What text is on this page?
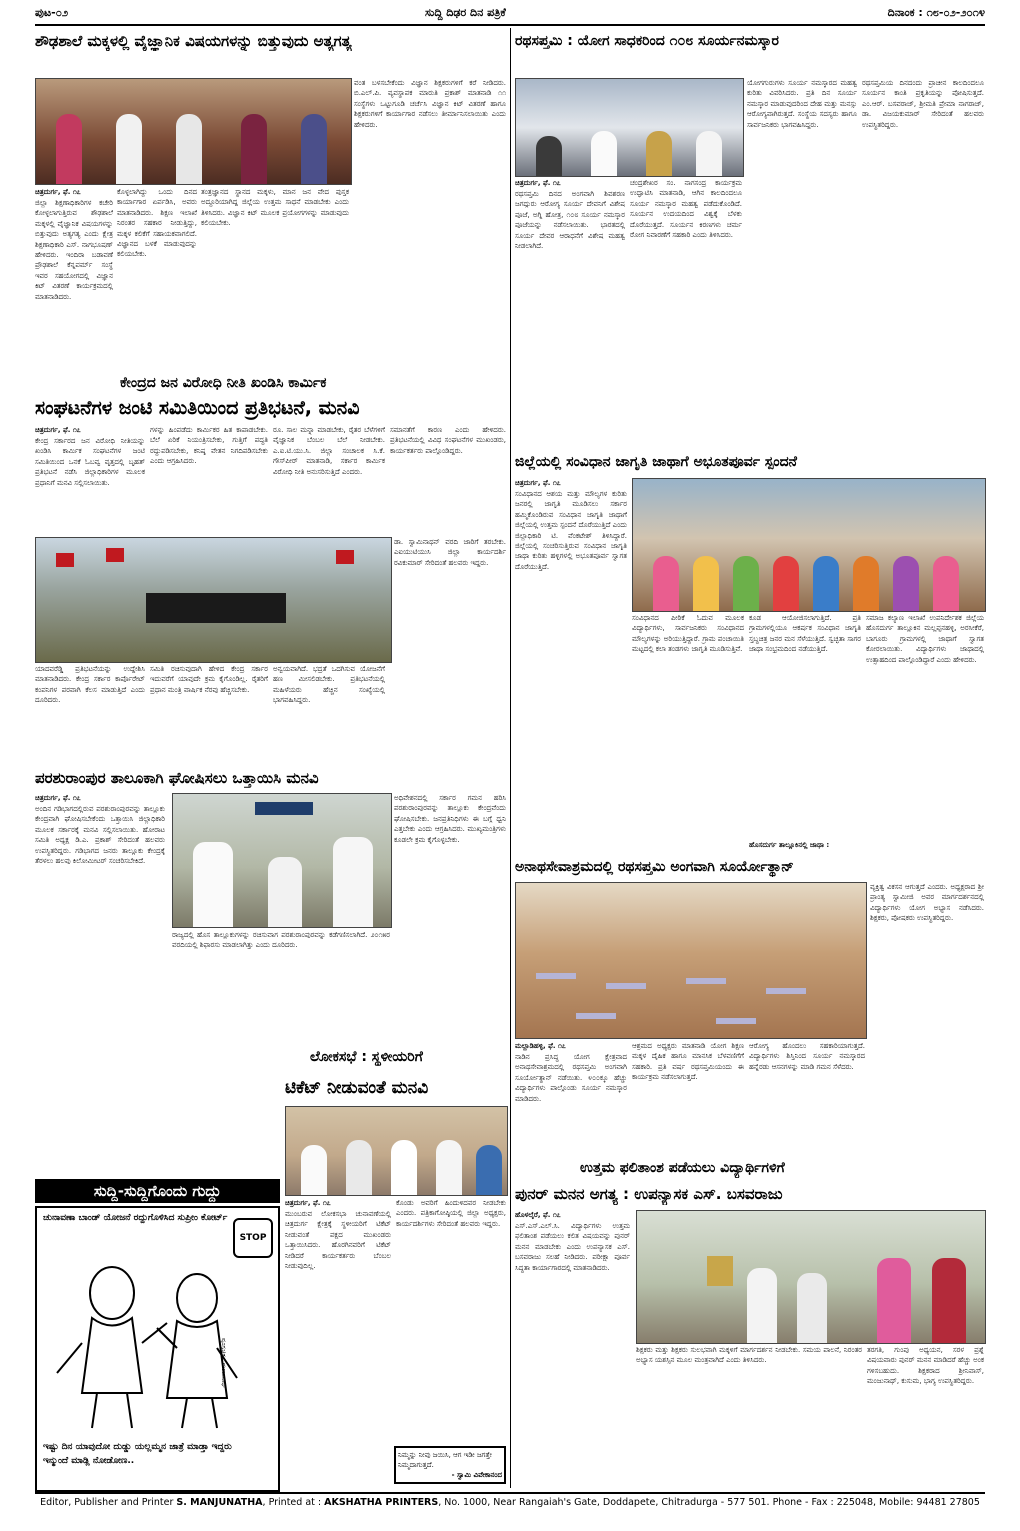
ಪುಟ-೦೨	ಸುದ್ದಿ ದಿಢರ ದಿನ ಪತ್ರಿಕೆ	ದಿನಾಂಕ : ೧೮-೦೨-೨೦೧೪
ಶೌಢಶಾಲೆ ಮಕ್ಕಳಲ್ಲಿ ವೈಜ್ಞಾನಿಕ ವಿಷಯಗಳನ್ನು ಬಿತ್ತುವುದು ಅತ್ಯಗತ್ಯ
ಚಿತ್ರದುರ್ಗ, ಫೆ. ೧೭
ಜಿಲ್ಲಾ ಶಿಕ್ಷಣಾಧಿಕಾರಿಗಳ ಕಚೇರಿ ಕೋಳ್ಳಲಾಗುತ್ತಿರುವ ಶೌಢಶಾಲೆ ಮಕ್ಕಳಲ್ಲಿ ವೈಜ್ಞಾನಿಕ ವಿಷಯಗಳನ್ನು ಬಿತ್ತುವುದು ಅತ್ಯಗತ್ಯ ಎಂದು ಕ್ಷೇತ್ರ ಶಿಕ್ಷಣಾಧಿಕಾರಿ ಎಸ್. ನಾಗಭೂಷಣ್ ಹೇಳಿದರು. ಇಂದಿರಾ ಬಡಾವಣೆ ಪ್ರೌಢಶಾಲೆ ಕೆನ್ನಪರ್ಮ್ ಸಂಸ್ಥೆ ಇವರ ಸಹಯೋಗದಲ್ಲಿ ವಿಜ್ಞಾನ ಕಿಟ್ ವಿತರಣೆ ಕಾರ್ಯಕ್ರಮದಲ್ಲಿ ಮಾತನಾಡಿದರು.
ಕೊಳ್ಳಲಾಗಿದ್ದು ಒಂದು ದಿನದ ಕಾರ್ಯಾಗಾರ ಏರ್ಪಡಿಸಿ, ಅವರು ಮಾತನಾಡಿದರು. ಶಿಕ್ಷಣ ಇಲಾಖೆ ನಿರಂತರ ಸಹಕಾರ ನೀಡುತ್ತಿದ್ದು, ಮಕ್ಕಳ ಕಲಿಕೆಗೆ ಸಹಾಯಕವಾಗಲಿದೆ. ವಿಜ್ಞಾನದ ಬಳಕೆ ಮಾಡುವುದನ್ನು ಕಲಿಯಬೇಕು.
ತಂತ್ರಜ್ಞಾನದ ಸ್ಥಾನದ ಮಕ್ಕಳು, ಮಾನ ಜನ ವೇದ ಪುಸ್ತಕ ಅದ್ದೂರಿಯಾಗಿದ್ದ ಜಿಲ್ಲೆಯ ಉತ್ತಮ ಸಾಧನೆ ಮಾಡಬೇಕು ಎಂದು ತಿಳಿಸಿದರು. ವಿಜ್ಞಾನ ಕಿಟ್ ಮೂಲಕ ಪ್ರಯೋಗಗಳನ್ನು ಮಾಡುವುದು ಕಲಿಯಬೇಕು.
ವಂತ ಬಳಸಬೇಕೆಂದು ವಿಜ್ಞಾನ ಶಿಕ್ಷಕರುಗಳಿಗೆ ಕರೆ ನೀಡಿದರು. ಬಿ.ಎಲ್.ಪಿ. ವ್ಯವಸ್ಥಾಪಕ ಮಾರುತಿ ಪ್ರಕಾಶ್ ಮಾತನಾಡಿ ೧೧ ಸಂಸ್ಥೆಗಳು ಒಟ್ಟುಗೂಡಿ ಚರ್ಚೆಸಿ ವಿಜ್ಞಾನ ಕಿಟ್ ವಿತರಣೆ ಹಾಗೂ ಶಿಕ್ಷಕರುಗಳಿಗೆ ಕಾರ್ಯಾಗಾರ ನಡೆಸಲು ತೀರ್ಮಾನಿಸಲಾಯಿತು ಎಂದು ಹೇಳಿದರು.
ರಥಸಪ್ತಮಿ : ಯೋಗ ಸಾಧಕರಿಂದ ೧೦೮ ಸೂರ್ಯನಮಸ್ಕಾರ
ಚಿತ್ರದುರ್ಗ, ಫೆ. ೧೭
ರಥಸಪ್ತಮಿ ದಿನದ ಅಂಗವಾಗಿ ಶಿವಶರಣ ಜಗದ್ಗುರು ಆರೋಗ್ಯ ಸೂರ್ಯ ದೇವನಿಗೆ ವಿಶೇಷ ಪೂಜೆ, ಅಗ್ನಿ ಹೋತ್ರ, ೧೦೮ ಸೂರ್ಯ ನಮಸ್ಕಾರ ಪೂಜೆಯನ್ನು ನಡೆಸಲಾಯಿತು. ಭಾರತದಲ್ಲಿ ಸೂರ್ಯ ದೇವರ ಆರಾಧನೆಗೆ ವಿಶೇಷ ಮಹತ್ವ ನೀಡಲಾಗಿದೆ.
ಚಂದ್ರಶೇಖರ ಸಂ. ನಾಗಸಂದ್ರ ಕಾರ್ಯಕ್ರಮ ಉದ್ಘಾಟಿಸಿ ಮಾತನಾಡಿ, ಆಗಿನ ಕಾಲದಿಂದಲೂ ಸೂರ್ಯ ನಮಸ್ಕಾರ ಮಹತ್ವ ಪಡೆದುಕೊಂಡಿದೆ. ಸೂರ್ಯನ ಉದಯದಿಂದ ವಿಶ್ವಕ್ಕೆ ಬೆಳಕು ದೊರೆಯುತ್ತದೆ. ಸೂರ್ಯನ ಕಿರಣಗಳು ಚರ್ಮ ರೋಗ ನಿವಾರಣೆಗೆ ಸಹಕಾರಿ ಎಂದು ತಿಳಿಸಿದರು.
ಯೋಗಗುರುಗಳು ಸೂರ್ಯ ನಮಸ್ಕಾರದ ಮಹತ್ವ ಕುರಿತು ವಿವರಿಸಿದರು. ಪ್ರತಿ ದಿನ ಸೂರ್ಯ ನಮಸ್ಕಾರ ಮಾಡುವುದರಿಂದ ದೇಹ ಮತ್ತು ಮನಸ್ಸು ಆರೋಗ್ಯವಾಗಿರುತ್ತದೆ. ಸಂಸ್ಥೆಯ ಸದಸ್ಯರು ಹಾಗೂ ಸಾರ್ವಜನಿಕರು ಭಾಗವಹಿಸಿದ್ದರು.
ರಥಸಪ್ತಮಿಯ ದಿನದಂದು ಪ್ರಾಚೀನ ಕಾಲದಿಂದಲೂ ಸೂರ್ಯನ ಕಾಂತಿ ಪ್ರಕೃತಿಯನ್ನು ಪೋಷಿಸುತ್ತದೆ. ಎಂ.ಆರ್. ಬಸವರಾಜ್, ಶ್ರೀಮತಿ ಪ್ರೇಮಾ ನಾಗರಾಜ್, ಡಾ. ವಿಜಯಕುಮಾರ್ ಸೇರಿದಂತೆ ಹಲವರು ಉಪಸ್ಥಿತರಿದ್ದರು.
ಕೇಂದ್ರದ ಜನ ವಿರೋಧಿ ನೀತಿ ಖಂಡಿಸಿ ಕಾರ್ಮಿಕ
ಸಂಘಟನೆಗಳ ಜಂಟಿ ಸಮಿತಿಯಿಂದ ಪ್ರತಿಭಟನೆ, ಮನವಿ
ಚಿತ್ರದುರ್ಗ, ಫೆ. ೧೭
ಕೇಂದ್ರ ಸರ್ಕಾರದ ಜನ ವಿರೋಧಿ ನೀತಿಯನ್ನು ಖಂಡಿಸಿ ಕಾರ್ಮಿಕ ಸಂಘಟನೆಗಳ ಜಂಟಿ ಸಮಿತಿಯಿಂದ ಒನಕೆ ಓಬವ್ವ ವೃತ್ತದಲ್ಲಿ ಬೃಹತ್ ಪ್ರತಿಭಟನೆ ನಡೆಸಿ ಜಿಲ್ಲಾಧಿಕಾರಿಗಳ ಮೂಲಕ ಪ್ರಧಾನಿಗೆ ಮನವಿ ಸಲ್ಲಿಸಲಾಯಿತು.
ಗಳನ್ನು ಹಿಂಪಡೆದು ಕಾರ್ಮಿಕರ ಹಿತ ಕಾಪಾಡಬೇಕು. ಬೆಲೆ ಏರಿಕೆ ನಿಯಂತ್ರಿಸಬೇಕು, ಗುತ್ತಿಗೆ ಪದ್ಧತಿ ರದ್ದುಪಡಿಸಬೇಕು, ಕನಿಷ್ಠ ವೇತನ ನಿಗದಿಪಡಿಸಬೇಕು ಎಂದು ಆಗ್ರಹಿಸಿದರು.
ರೂ. ಸಾಲ ಮನ್ನಾ ಮಾಡಬೇಕು, ರೈತರ ಬೆಳೆಗಳಿಗೆ ವೈಜ್ಞಾನಿಕ ಬೆಂಬಲ ಬೆಲೆ ನೀಡಬೇಕು. ಎ.ಐ.ಟಿ.ಯು.ಸಿ. ಜಿಲ್ಲಾ ಸಂಚಾಲಕ ಸಿ.ಕೆ. ಗೌಸ್‌ಪೀರ್ ಮಾತನಾಡಿ, ಸರ್ಕಾರ ಕಾರ್ಮಿಕ ವಿರೋಧಿ ನೀತಿ ಅನುಸರಿಸುತ್ತಿದೆ ಎಂದರು.
ಸಮಾನತೆಗೆ ಕಾರಣ ಎಂದು ಹೇಳಿದರು. ಪ್ರತಿಭಟನೆಯಲ್ಲಿ ವಿವಿಧ ಸಂಘಟನೆಗಳ ಮುಖಂಡರು, ಕಾರ್ಯಕರ್ತರು ಪಾಲ್ಗೊಂಡಿದ್ದರು.
ಡಾ. ಸ್ವಾಮಿನಾಥನ್ ವರದಿ ಜಾರಿಗೆ ತರಬೇಕು. ಎಐಯುಟಿಯುಸಿ ಜಿಲ್ಲಾ ಕಾರ್ಯದರ್ಶಿ ರವಿಕುಮಾರ್ ಸೇರಿದಂತೆ ಹಲವರು ಇದ್ದರು.
ಯಾದವರೆಡ್ಡಿ ಪ್ರತಿಭಟನೆಯನ್ನು ಉದ್ದೇಶಿಸಿ ಮಾತನಾಡಿದರು. ಕೇಂದ್ರ ಸರ್ಕಾರ ಕಾರ್ಪೊರೇಟ್ ಕಂಪನಿಗಳ ಪರವಾಗಿ ಕೆಲಸ ಮಾಡುತ್ತಿದೆ ಎಂದು ದೂರಿದರು.
ಸಮಿತಿ ರಚಿಸುವುದಾಗಿ ಹೇಳಿದ ಕೇಂದ್ರ ಸರ್ಕಾರ ಇದುವರೆಗೆ ಯಾವುದೇ ಕ್ರಮ ಕೈಗೊಂಡಿಲ್ಲ. ರೈತರಿಗೆ ಪ್ರಧಾನ ಮಂತ್ರಿ ವಾರ್ಷಿಕ ನೆರವು ಹೆಚ್ಚಿಸಬೇಕು.
ಅನ್ವಯವಾಗಿದೆ. ಭದ್ರತೆ ಒದಗಿಸುವ ಯೋಜನೆಗೆ ಹಣ ಮೀಸಲಿಡಬೇಕು. ಪ್ರತಿಭಟನೆಯಲ್ಲಿ ಮಹಿಳೆಯರು ಹೆಚ್ಚಿನ ಸಂಖ್ಯೆಯಲ್ಲಿ ಭಾಗವಹಿಸಿದ್ದರು.
ಜಿಲ್ಲೆಯಲ್ಲಿ ಸಂವಿಧಾನ ಜಾಗೃತಿ ಜಾಥಾಗೆ ಅಭೂತಪೂರ್ವ ಸ್ಪಂದನೆ
ಚಿತ್ರದುರ್ಗ, ಫೆ. ೧೭
ಸಂವಿಧಾನದ ಆಶಯ ಮತ್ತು ಮೌಲ್ಯಗಳ ಕುರಿತು ಜನರಲ್ಲಿ ಜಾಗೃತಿ ಮೂಡಿಸಲು ಸರ್ಕಾರ ಹಮ್ಮಿಕೊಂಡಿರುವ ಸಂವಿಧಾನ ಜಾಗೃತಿ ಜಾಥಾಗೆ ಜಿಲ್ಲೆಯಲ್ಲಿ ಉತ್ತಮ ಸ್ಪಂದನೆ ದೊರೆಯುತ್ತಿದೆ ಎಂದು ಜಿಲ್ಲಾಧಿಕಾರಿ ಟಿ. ವೆಂಕಟೇಶ್ ತಿಳಿಸಿದ್ದಾರೆ. ಜಿಲ್ಲೆಯಲ್ಲಿ ಸಂಚರಿಸುತ್ತಿರುವ ಸಂವಿಧಾನ ಜಾಗೃತಿ ಜಾಥಾ ಕುರಿತು ಹಳ್ಳಿಗಳಲ್ಲಿ ಅಭೂತಪೂರ್ವ ಸ್ವಾಗತ ದೊರೆಯುತ್ತಿದೆ.
ಸಂವಿಧಾನದ ಪೀಠಿಕೆ ಓದುವ ಮೂಲಕ ವಿದ್ಯಾರ್ಥಿಗಳು, ಸಾರ್ವಜನಿಕರು ಸಂವಿಧಾನದ ಮೌಲ್ಯಗಳನ್ನು ಅರಿಯುತ್ತಿದ್ದಾರೆ. ಗ್ರಾಮ ಪಂಚಾಯಿತಿ ಮಟ್ಟದಲ್ಲಿ ಕಲಾ ತಂಡಗಳು ಜಾಗೃತಿ ಮೂಡಿಸುತ್ತಿವೆ.
ಕೂಡ ಆಯೋಜಿಸಲಾಗುತ್ತಿದೆ. ಪ್ರತಿ ಗ್ರಾಮಗಳಲ್ಲಿಯೂ ಆಕರ್ಷಕ ಸಂವಿಧಾನ ಜಾಗೃತಿ ಸ್ತಬ್ಧಚಿತ್ರ ಜನರ ಮನ ಸೆಳೆಯುತ್ತಿದೆ. ಸ್ವಚ್ಛತಾ ಸಾಗರ ಜಾಥಾ ಸಂಭ್ರಮದಿಂದ ನಡೆಯುತ್ತಿದೆ.
ಸಮಾಜ ಕಲ್ಯಾಣ ಇಲಾಖೆ ಉಪನಿರ್ದೇಶಕ ಜಿಲ್ಲೆಯ ಹೊಸದುರ್ಗ ತಾಲ್ಲೂಕಿನ ಮಲ್ಲಪ್ಪನಹಳ್ಳಿ, ಅರಸೀಕೆರೆ, ಬಾಗೂರು ಗ್ರಾಮಗಳಲ್ಲಿ ಜಾಥಾಗೆ ಸ್ವಾಗತ ಕೋರಲಾಯಿತು. ವಿದ್ಯಾರ್ಥಿಗಳು ಜಾಥಾದಲ್ಲಿ ಉತ್ಸಾಹದಿಂದ ಪಾಲ್ಗೊಂಡಿದ್ದಾರೆ ಎಂದು ಹೇಳಿದರು.
ಹೊಸದುರ್ಗ ತಾಲ್ಲೂಕಿನಲ್ಲಿ ಜಾಥಾ :
ಪರಶುರಾಂಪುರ ತಾಲೂಕಾಗಿ ಘೋಷಿಸಲು ಒತ್ತಾಯಿಸಿ ಮನವಿ
ಚಿತ್ರದುರ್ಗ, ಫೆ. ೧೭
ಅಂದಿನ ಗಡಿಭಾಗದಲ್ಲಿರುವ ಪರಶುರಾಂಪುರವನ್ನು ತಾಲ್ಲೂಕು ಕೇಂದ್ರವಾಗಿ ಘೋಷಿಸಬೇಕೆಂದು ಒತ್ತಾಯಿಸಿ ಜಿಲ್ಲಾಧಿಕಾರಿ ಮೂಲಕ ಸರ್ಕಾರಕ್ಕೆ ಮನವಿ ಸಲ್ಲಿಸಲಾಯಿತು. ಹೋರಾಟ ಸಮಿತಿ ಅಧ್ಯಕ್ಷ ಡಿ.ಎ. ಪ್ರಕಾಶ್ ಸೇರಿದಂತೆ ಹಲವರು ಉಪಸ್ಥಿತರಿದ್ದರು. ಗಡಿಭಾಗದ ಜನರು ತಾಲ್ಲೂಕು ಕೇಂದ್ರಕ್ಕೆ ತೆರಳಲು ಹಲವು ಕಿಲೋಮೀಟರ್ ಸಂಚರಿಸಬೇಕಿದೆ.
ಅಧಿವೇಶನದಲ್ಲಿ ಸರ್ಕಾರ ಗಮನ ಹರಿಸಿ ಪರಶುರಾಂಪುರವನ್ನು ತಾಲ್ಲೂಕು ಕೇಂದ್ರವೆಂದು ಘೋಷಿಸಬೇಕು. ಜನಪ್ರತಿನಿಧಿಗಳು ಈ ಬಗ್ಗೆ ಧ್ವನಿ ಎತ್ತಬೇಕು ಎಂದು ಆಗ್ರಹಿಸಿದರು. ಮುಖ್ಯಮಂತ್ರಿಗಳು ಕೂಡಲೇ ಕ್ರಮ ಕೈಗೊಳ್ಳಬೇಕು.
ರಾಜ್ಯದಲ್ಲಿ ಹೊಸ ತಾಲ್ಲೂಕುಗಳನ್ನು ರಚಿಸುವಾಗ ಪರಶುರಾಂಪುರವನ್ನು ಕಡೆಗಣಿಸಲಾಗಿದೆ. ೨೦೧೫ರ ವರದಿಯಲ್ಲಿ ಶಿಫಾರಸು ಮಾಡಲಾಗಿತ್ತು ಎಂದು ದೂರಿದರು.
ಲೋಕಸಭೆ : ಸ್ಥಳೀಯರಿಗೆ
ಟಿಕೆಟ್ ನೀಡುವಂತೆ ಮನವಿ
ಚಿತ್ರದುರ್ಗ, ಫೆ. ೧೭
ಮುಂಬರುವ ಲೋಕಸಭಾ ಚುನಾವಣೆಯಲ್ಲಿ ಚಿತ್ರದುರ್ಗ ಕ್ಷೇತ್ರಕ್ಕೆ ಸ್ಥಳೀಯರಿಗೆ ಟಿಕೆಟ್ ನೀಡುವಂತೆ ಪಕ್ಷದ ಮುಖಂಡರು ಒತ್ತಾಯಿಸಿದರು. ಹೊರಗಿನವರಿಗೆ ಟಿಕೆಟ್ ನೀಡಿದರೆ ಕಾರ್ಯಕರ್ತರು ಬೆಂಬಲ ನೀಡುವುದಿಲ್ಲ.
ಕೊಂಡು ಅವರಿಗೆ ಹಿಂದುಳಿದವರ ನೀಡಬೇಕು ಎಂದರು. ಪತ್ರಿಕಾಗೋಷ್ಠಿಯಲ್ಲಿ ಜಿಲ್ಲಾ ಅಧ್ಯಕ್ಷರು, ಕಾರ್ಯದರ್ಶಿಗಳು ಸೇರಿದಂತೆ ಹಲವರು ಇದ್ದರು.
ಸುದ್ದಿ-ಸುದ್ದಿಗೊಂದು ಗುದ್ದು
ಚುನಾವಣಾ ಬಾಂಡ್ ಯೋಜನೆ ರದ್ದುಗೊಳಿಸಿದ ಸುಪ್ರೀಂ ಕೋರ್ಟ್
STOP
ವ್ಯಂಗ್ಯಚಿತ್ರ : ಮಂಜುನಾಥ್
ಇಷ್ಟು ದಿನ ಯಾವುದೋ ದುಡ್ಡು ಯಲ್ಲಮ್ಮನ ಜಾತ್ರೆ ಮಾಡ್ತಾ ಇದ್ದರು ಇನ್ಮುಂದೆ ಮಾಡ್ಲಿ ನೋಡೋಣ..
ಅನಾಥಸೇವಾಶ್ರಮದಲ್ಲಿ ರಥಸಪ್ತಮಿ ಅಂಗವಾಗಿ ಸೂರ್ಯೋತ್ಥಾನ್
ವ್ಯಕ್ತಿತ್ವ ವಿಕಸನ ಆಗುತ್ತದೆ ಎಂದರು. ಅಧ್ಯಕ್ಷರಾದ ಶ್ರೀ ಪ್ರಾಂತ್ಯ ಸ್ವಾಮೀಜಿ ಅವರ ಮಾರ್ಗದರ್ಶನದಲ್ಲಿ ವಿದ್ಯಾರ್ಥಿಗಳು ಯೋಗ ಅಭ್ಯಾಸ ನಡೆಸಿದರು. ಶಿಕ್ಷಕರು, ಪೋಷಕರು ಉಪಸ್ಥಿತರಿದ್ದರು.
ಮಲ್ಲಾಡಿಹಳ್ಳಿ, ಫೆ. ೧೭
ನಾಡಿನ ಪ್ರಸಿದ್ಧ ಯೋಗ ಕ್ಷೇತ್ರವಾದ ಅನಾಥಸೇವಾಶ್ರಮದಲ್ಲಿ ರಥಸಪ್ತಮಿ ಅಂಗವಾಗಿ ಸೂರ್ಯೋತ್ಥಾನ್ ನಡೆಯಿತು. ೪೦೦ಕ್ಕೂ ಹೆಚ್ಚು ವಿದ್ಯಾರ್ಥಿಗಳು ಪಾಲ್ಗೊಂಡು ಸೂರ್ಯ ನಮಸ್ಕಾರ ಮಾಡಿದರು.
ಆಶ್ರಮದ ಅಧ್ಯಕ್ಷರು ಮಾತನಾಡಿ ಯೋಗ ಶಿಕ್ಷಣ ಮಕ್ಕಳ ದೈಹಿಕ ಹಾಗೂ ಮಾನಸಿಕ ಬೆಳವಣಿಗೆಗೆ ಸಹಕಾರಿ. ಪ್ರತಿ ವರ್ಷ ರಥಸಪ್ತಮಿಯಂದು ಈ ಕಾರ್ಯಕ್ರಮ ನಡೆಸಲಾಗುತ್ತದೆ.
ಆರೋಗ್ಯ ಹೊಂದಲು ಸಹಕಾರಿಯಾಗುತ್ತದೆ. ವಿದ್ಯಾರ್ಥಿಗಳು ಶಿಸ್ತಿನಿಂದ ಸೂರ್ಯ ನಮಸ್ಕಾರದ ಹನ್ನೆರಡು ಆಸನಗಳನ್ನು ಮಾಡಿ ಗಮನ ಸೆಳೆದರು.
ಉತ್ತಮ ಫಲಿತಾಂಶ ಪಡೆಯಲು ವಿದ್ಯಾರ್ಥಿಗಳಿಗೆ
ಪುನರ್ ಮನನ ಅಗತ್ಯ : ಉಪನ್ಯಾಸಕ ಎಸ್. ಬಸವರಾಜು
ಹೊಳಲ್ಕೆರೆ, ಫೆ. ೧೭
ಎಸ್.ಎಸ್.ಎಲ್.ಸಿ. ವಿದ್ಯಾರ್ಥಿಗಳು ಉತ್ತಮ ಫಲಿತಾಂಶ ಪಡೆಯಲು ಕಲಿತ ವಿಷಯವನ್ನು ಪುನರ್ ಮನನ ಮಾಡಬೇಕು ಎಂದು ಉಪನ್ಯಾಸಕ ಎಸ್. ಬಸವರಾಜು ಸಲಹೆ ನೀಡಿದರು. ಪರೀಕ್ಷಾ ಪೂರ್ವ ಸಿದ್ಧತಾ ಕಾರ್ಯಾಗಾರದಲ್ಲಿ ಮಾತನಾಡಿದರು.
ಶಿಕ್ಷಕರು ಮತ್ತು ಶಿಕ್ಷಕರು ಸುಲಭವಾಗಿ ಮಕ್ಕಳಿಗೆ ಮಾರ್ಗದರ್ಶನ ನೀಡಬೇಕು. ಸಮಯ ಪಾಲನೆ, ನಿರಂತರ ಅಭ್ಯಾಸ ಯಶಸ್ಸಿನ ಮೂಲ ಮಂತ್ರವಾಗಿದೆ ಎಂದು ತಿಳಿಸಿದರು.
ತರಗತಿ, ಗುಂಪು ಅಧ್ಯಯನ, ಸರಳ ಪ್ರಶ್ನೆ ವಿಷಯವಾರು ಪುನರ್ ಮನನ ಮಾಡಿದರೆ ಹೆಚ್ಚು ಅಂಕ ಗಳಿಸಬಹುದು. ಶಿಕ್ಷಕರಾದ ಶ್ರೀನಿವಾಸ್, ಮಂಜುನಾಥ್, ಕುಸುಮ, ಭಾಗ್ಯ ಉಪಸ್ಥಿತರಿದ್ದರು.
ನಿಮ್ಮನ್ನು ನೀವು ಜಯಿಸಿ, ಆಗ ಇಡೀ ಜಗತ್ತೇ ನಿಮ್ಮದಾಗುತ್ತದೆ.
- ಸ್ವಾಮಿ ವಿವೇಕಾನಂದ
Editor, Publisher and Printer S. MANJUNATHA, Printed at : AKSHATHA PRINTERS, No. 1000, Near Rangaiah's Gate, Doddapete, Chitradurga - 577 501. Phone - Fax : 225048, Mobile: 94481 27805
